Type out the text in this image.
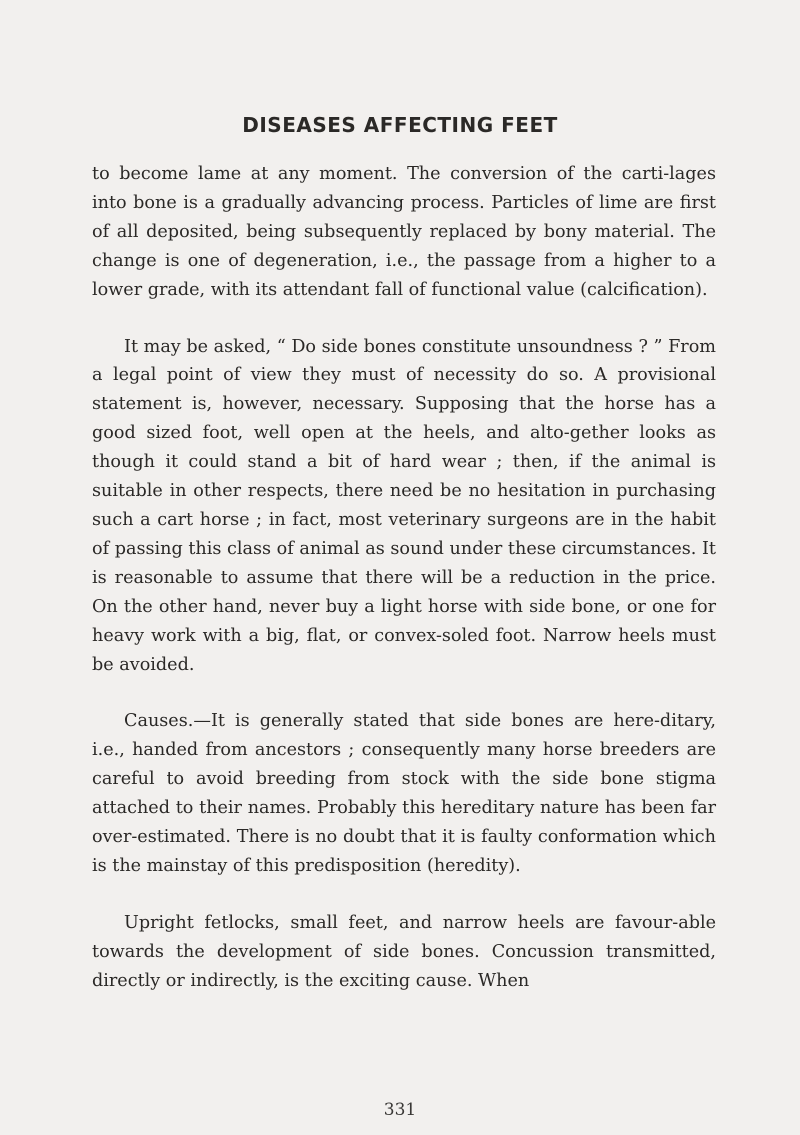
DISEASES AFFECTING FEET

to become lame at any moment. The conversion of the carti-lages into bone is a gradually advancing process. Particles of lime are first of all deposited, being subsequently replaced by bony material. The change is one of degeneration, i.e., the passage from a higher to a lower grade, with its attendant fall of functional value (calcification).

It may be asked, “ Do side bones constitute unsoundness ? ” From a legal point of view they must of necessity do so. A provisional statement is, however, necessary. Supposing that the horse has a good sized foot, well open at the heels, and alto-gether looks as though it could stand a bit of hard wear ; then, if the animal is suitable in other respects, there need be no hesitation in purchasing such a cart horse ; in fact, most veterinary surgeons are in the habit of passing this class of animal as sound under these circumstances. It is reasonable to assume that there will be a reduction in the price. On the other hand, never buy a light horse with side bone, or one for heavy work with a big, flat, or convex-soled foot. Narrow heels must be avoided.

Causes.—It is generally stated that side bones are here-ditary, i.e., handed from ancestors ; consequently many horse breeders are careful to avoid breeding from stock with the side bone stigma attached to their names. Probably this hereditary nature has been far over-estimated. There is no doubt that it is faulty conformation which is the mainstay of this predisposition (heredity).

Upright fetlocks, small feet, and narrow heels are favour-able towards the development of side bones. Concussion transmitted, directly or indirectly, is the exciting cause. When

331
